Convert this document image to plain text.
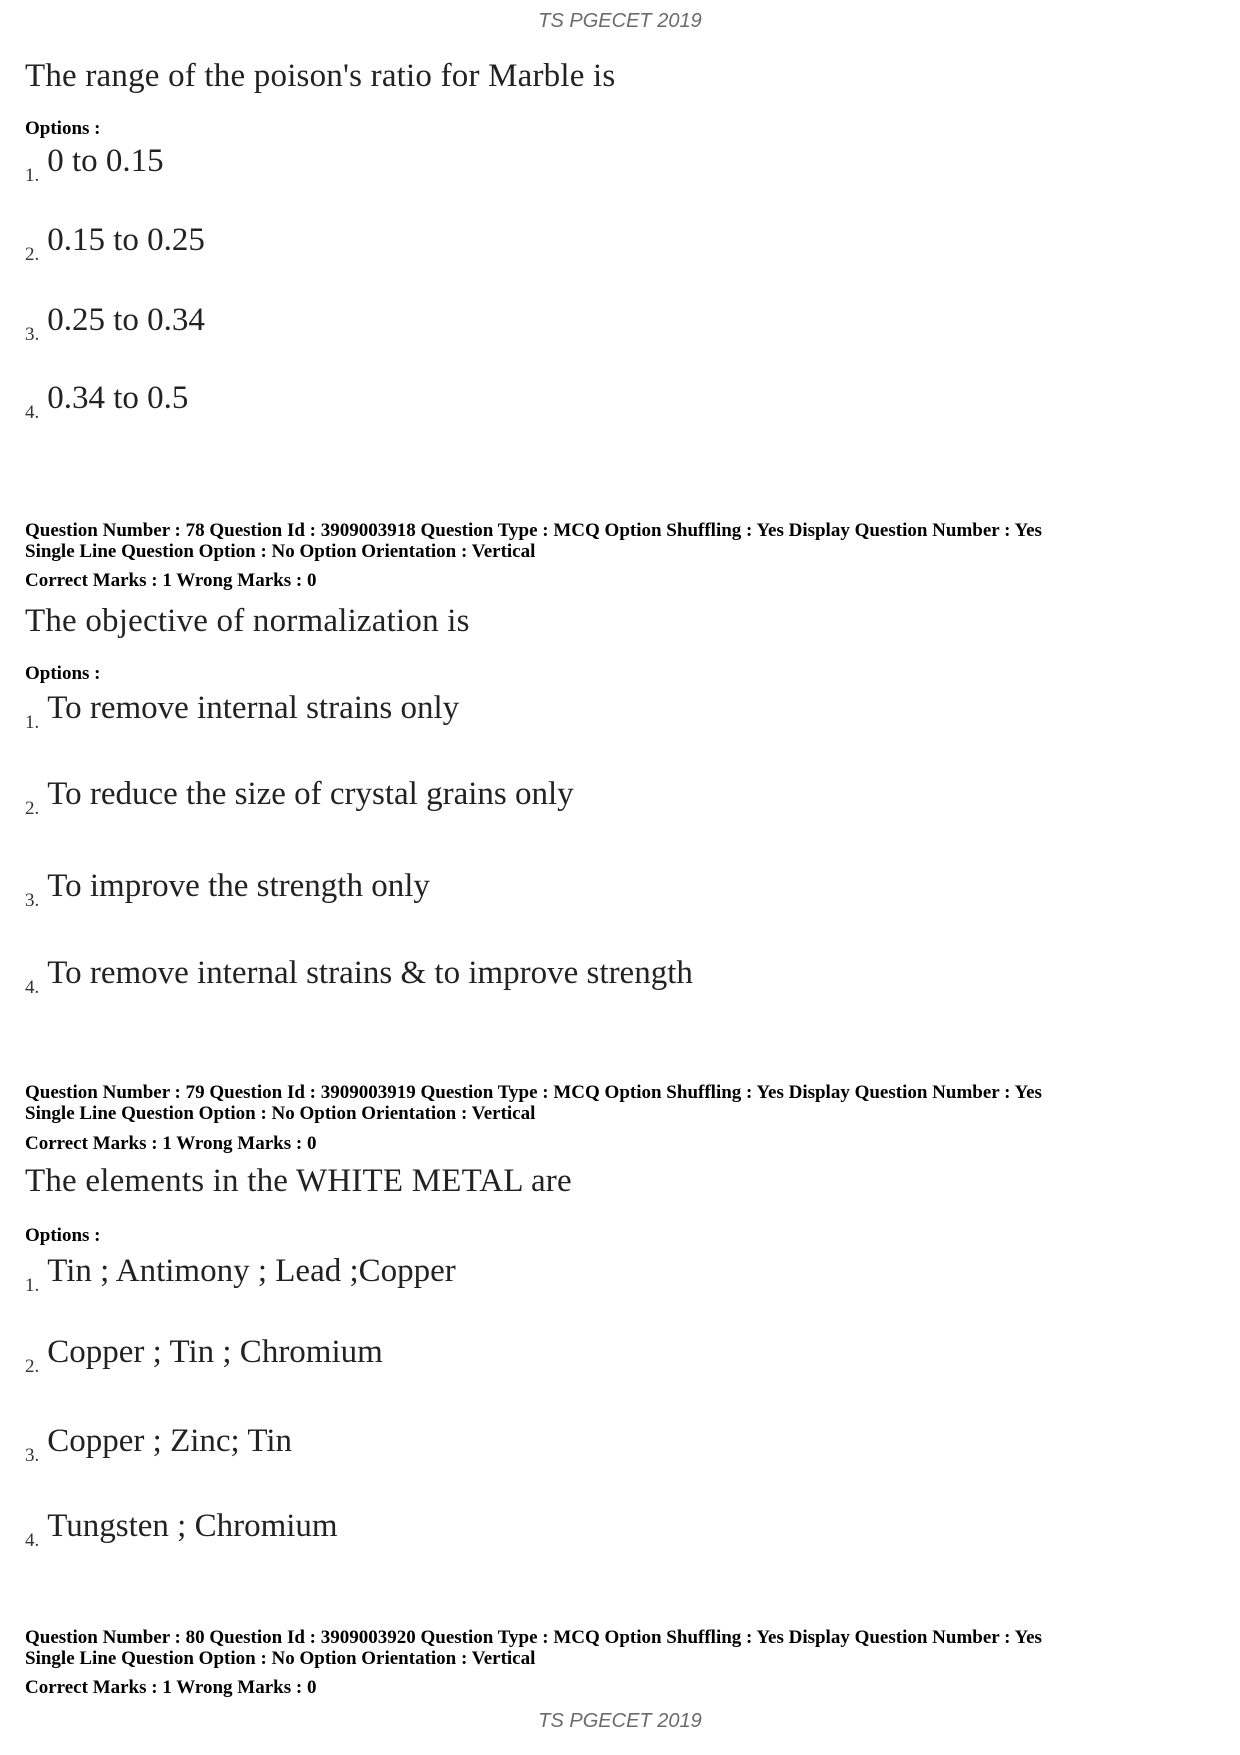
TS PGECET 2019
The range of the poison's ratio for Marble is
Options :
$_{1.}$ 0 to 0.15
$_{2.}$ 0.15 to 0.25
$_{3.}$ 0.25 to 0.34
$_{4.}$ 0.34 to 0.5
Question Number : 78 Question Id : 3909003918 Question Type : MCQ Option Shuffling : Yes Display Question Number : Yes
Single Line Question Option : No Option Orientation : Vertical
Correct Marks : 1 Wrong Marks : 0
The objective of normalization is
Options :
$_{1.}$ To remove internal strains only
$_{2.}$ To reduce the size of crystal grains only
$_{3.}$ To improve the strength only
$_{4.}$ To remove internal strains & to improve strength
Question Number : 79 Question Id : 3909003919 Question Type : MCQ Option Shuffling : Yes Display Question Number : Yes
Single Line Question Option : No Option Orientation : Vertical
Correct Marks : 1 Wrong Marks : 0
The elements in the WHITE METAL are
Options :
$_{1.}$ Tin ; Antimony ; Lead ;Copper
$_{2.}$ Copper ; Tin ; Chromium
$_{3.}$ Copper ; Zinc; Tin
$_{4.}$ Tungsten ; Chromium
Question Number : 80 Question Id : 3909003920 Question Type : MCQ Option Shuffling : Yes Display Question Number : Yes
Single Line Question Option : No Option Orientation : Vertical
Correct Marks : 1 Wrong Marks : 0
TS PGECET 2019
